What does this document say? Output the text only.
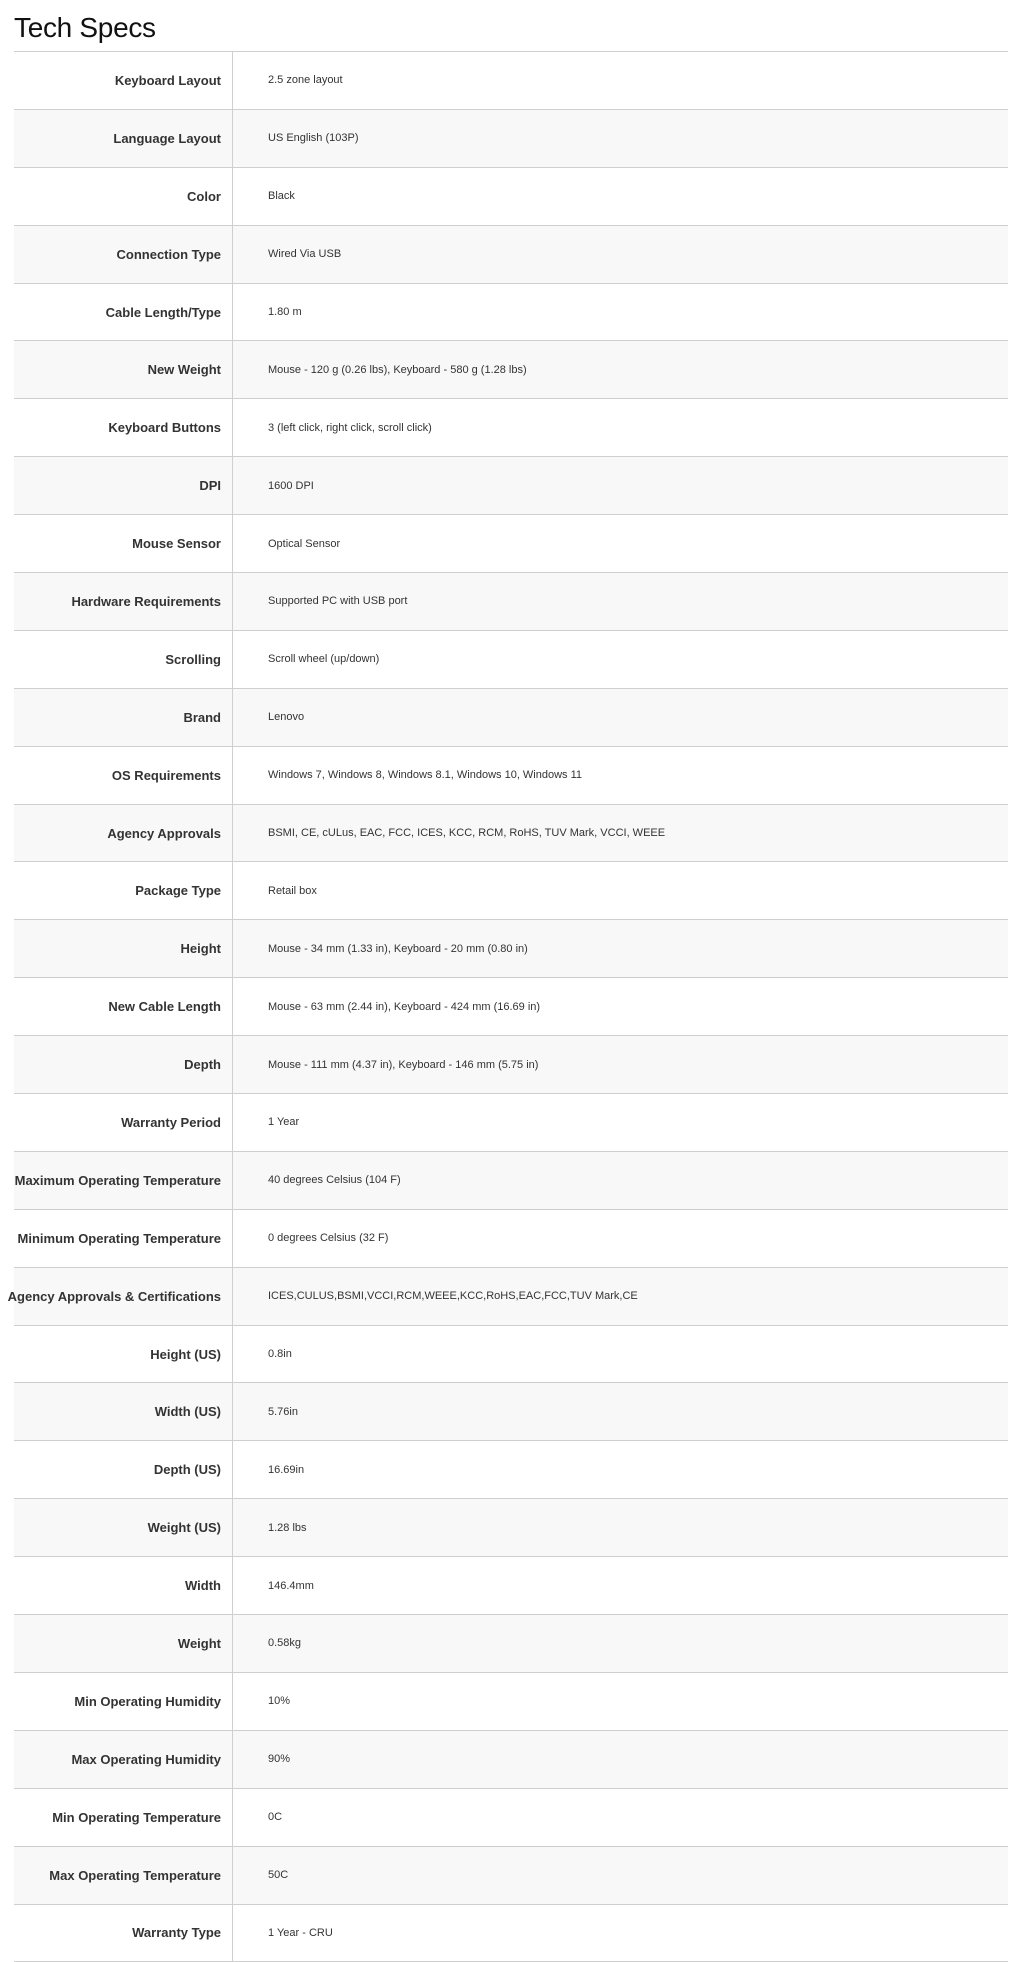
Tech Specs
Keyboard Layout	2.5 zone layout
Language Layout	US English (103P)
Color	Black
Connection Type	Wired Via USB
Cable Length/Type	1.80 m
New Weight	Mouse - 120 g (0.26 lbs), Keyboard - 580 g (1.28 lbs)
Keyboard Buttons	3 (left click, right click, scroll click)
DPI	1600 DPI
Mouse Sensor	Optical Sensor
Hardware Requirements	Supported PC with USB port
Scrolling	Scroll wheel (up/down)
Brand	Lenovo
OS Requirements	Windows 7, Windows 8, Windows 8.1, Windows 10, Windows 11
Agency Approvals	BSMI, CE, cULus, EAC, FCC, ICES, KCC, RCM, RoHS, TUV Mark, VCCI, WEEE
Package Type	Retail box
Height	Mouse - 34 mm (1.33 in), Keyboard - 20 mm (0.80 in)
New Cable Length	Mouse - 63 mm (2.44 in), Keyboard - 424 mm (16.69 in)
Depth	Mouse - 111 mm (4.37 in), Keyboard - 146 mm (5.75 in)
Warranty Period	1 Year
Maximum Operating Temperature	40 degrees Celsius (104 F)
Minimum Operating Temperature	0 degrees Celsius (32 F)
Agency Approvals & Certifications	ICES,CULUS,BSMI,VCCI,RCM,WEEE,KCC,RoHS,EAC,FCC,TUV Mark,CE
Height (US)	0.8in
Width (US)	5.76in
Depth (US)	16.69in
Weight (US)	1.28 lbs
Width	146.4mm
Weight	0.58kg
Min Operating Humidity	10%
Max Operating Humidity	90%
Min Operating Temperature	0C
Max Operating Temperature	50C
Warranty Type	1 Year - CRU
